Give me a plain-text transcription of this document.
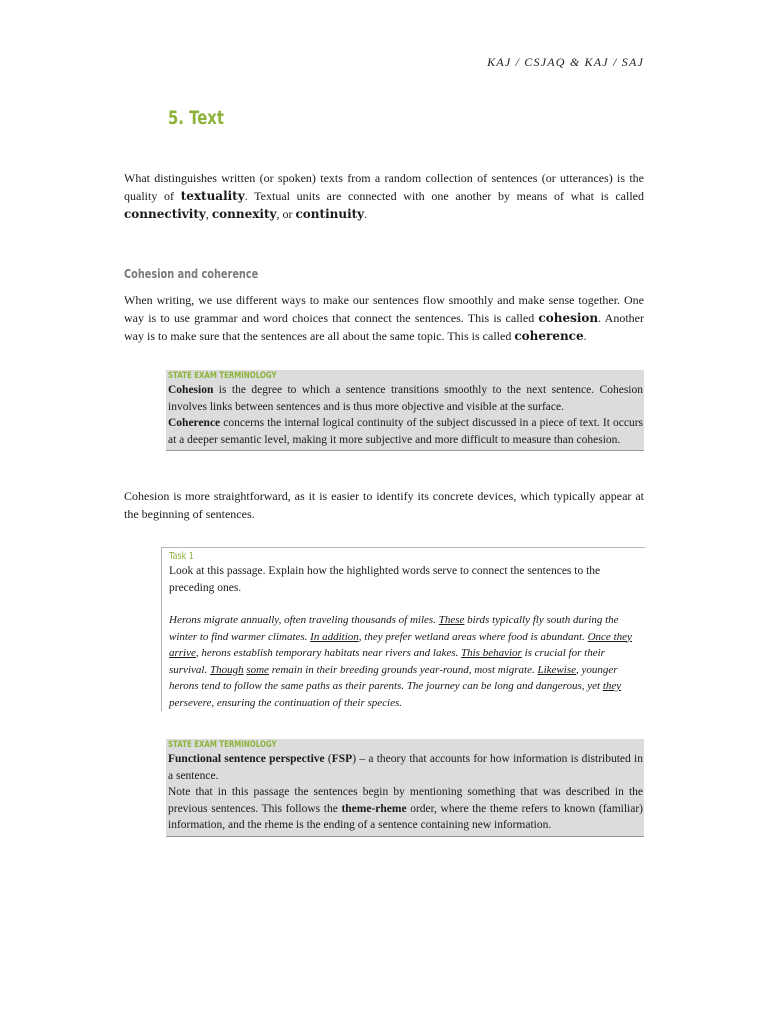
KAJ / CSJAQ & KAJ / SAJ
5. Text

What distinguishes written (or spoken) texts from a random collection of sentences (or utterances) is the quality of textuality. Textual units are connected with one another by means of what is called connectivity, connexity, or continuity.

Cohesion and coherence

When writing, we use different ways to make our sentences flow smoothly and make sense together. One way is to use grammar and word choices that connect the sentences. This is called cohesion. Another way is to make sure that the sentences are all about the same topic. This is called coherence.

STATE EXAM TERMINOLOGY

Cohesion is the degree to which a sentence transitions smoothly to the next sentence. Cohesion involves links between sentences and is thus more objective and visible at the surface.

Coherence concerns the internal logical continuity of the subject discussed in a piece of text. It occurs at a deeper semantic level, making it more subjective and more difficult to measure than cohesion.

Cohesion is more straightforward, as it is easier to identify its concrete devices, which typically appear at the beginning of sentences.

Task 1

Look at this passage. Explain how the highlighted words serve to connect the sentences to the preceding ones.

Herons migrate annually, often traveling thousands of miles. These birds typically fly south during the winter to find warmer climates. In addition, they prefer wetland areas where food is abundant. Once they arrive, herons establish temporary habitats near rivers and lakes. This behavior is crucial for their survival. Though some remain in their breeding grounds year-round, most migrate. Likewise, younger herons tend to follow the same paths as their parents. The journey can be long and dangerous, yet they persevere, ensuring the continuation of their species.

STATE EXAM TERMINOLOGY

Functional sentence perspective (FSP) – a theory that accounts for how information is distributed in a sentence.

Note that in this passage the sentences begin by mentioning something that was described in the previous sentences. This follows the theme-rheme order, where the theme refers to known (familiar) information, and the rheme is the ending of a sentence containing new information.
